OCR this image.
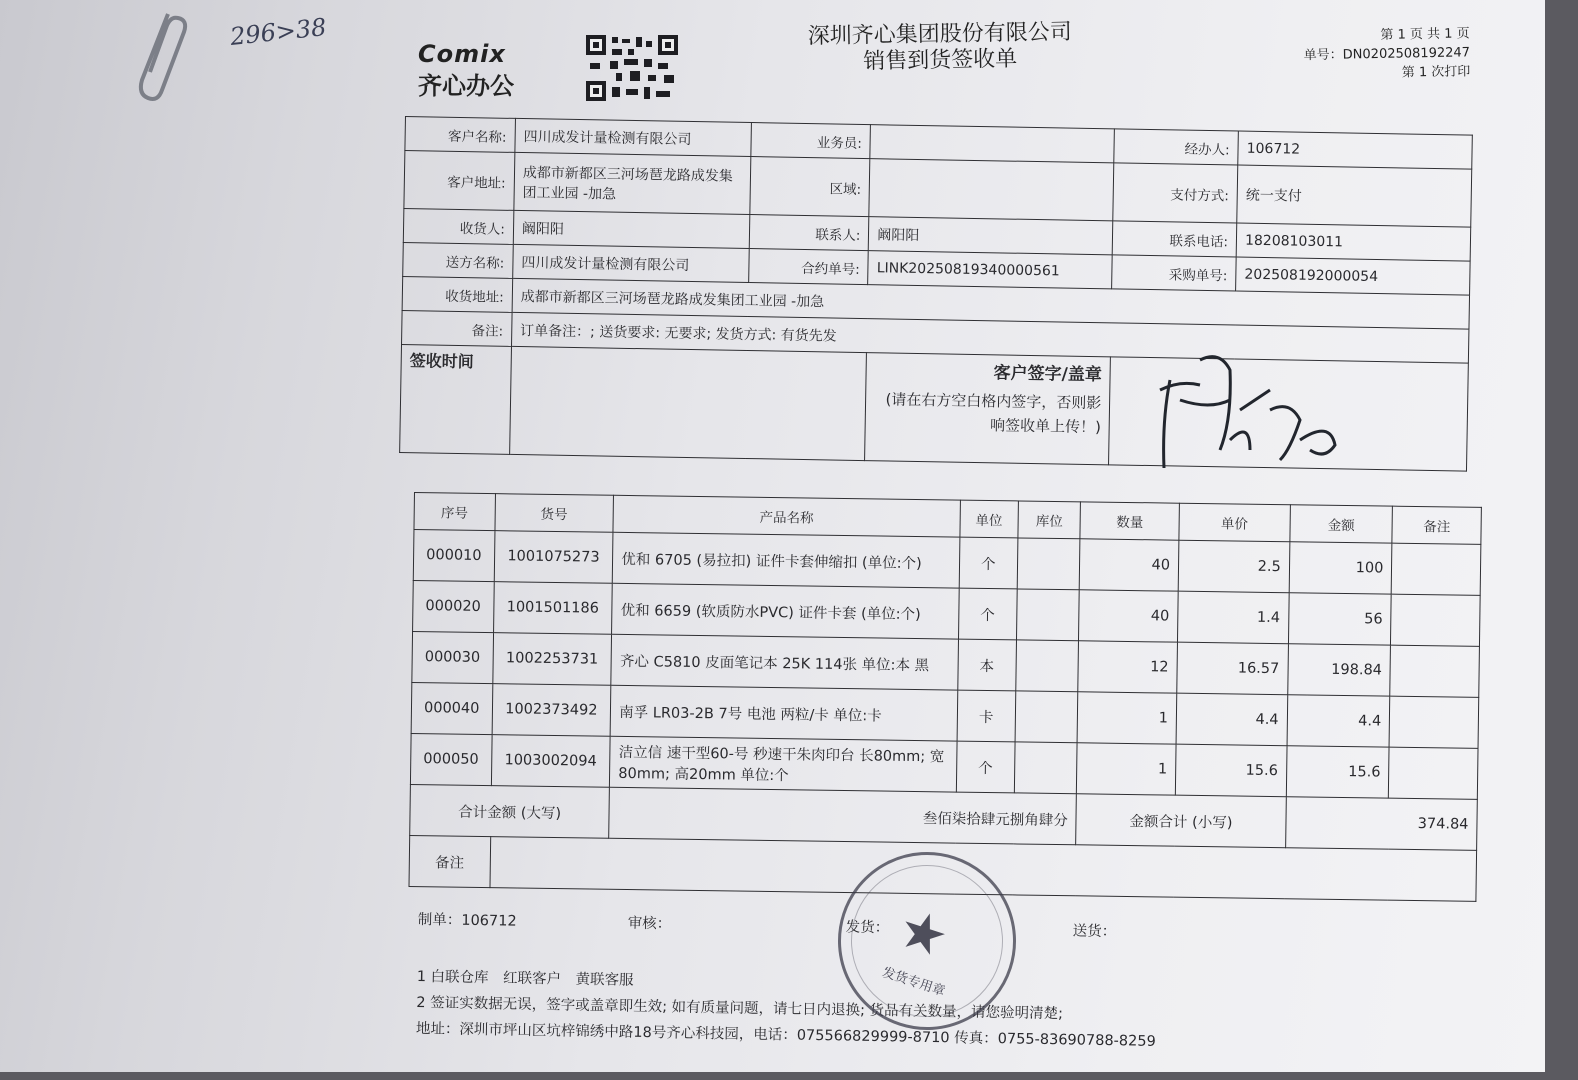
296>38
Comix
齐心办公
深圳齐心集团股份有限公司
销售到货签收单
第 1 页 共 1 页
单号：DN0202508192247
第 1 次打印
客户名称:	四川成发计量检测有限公司	业务员:		经办人:	106712
客户地址:	成都市新都区三河场琶龙路成发集团工业园 -加急	区域:		支付方式:	统一支付
收货人:	阚阳阳	联系人:	阚阳阳	联系电话:	18208103011
送方名称:	四川成发计量检测有限公司	合约单号:	LINK20250819340000561	采购单号:	202508192000054
收货地址:	成都市新都区三河场琶龙路成发集团工业园 -加急				
备注:	订单备注：; 送货要求: 无要求; 发货方式: 有货先发				
签收时间			客户签字/盖章
(请在右方空白格内签字，否则影响签收单上传！)		

序号	货号	产品名称	单位	库位	数量	单价	金额	备注
000010	1001075273	优和 6705 (易拉扣) 证件卡套伸缩扣 (单位:个)	个		40	2.5	100	
000020	1001501186	优和 6659 (软质防水PVC) 证件卡套 (单位:个)	个		40	1.4	56	
000030	1002253731	齐心 C5810 皮面笔记本 25K 114张 单位:本 黑	本		12	16.57	198.84	
000040	1002373492	南孚 LR03-2B 7号 电池 两粒/卡 单位:卡	卡		1	4.4	4.4	
000050	1003002094	洁立信 速干型60-号 秒速干朱肉印台 长80mm; 宽80mm; 高20mm 单位:个	个		1	15.6	15.6	
合计金额 (大写)		叁佰柒拾肆元捌角肆分			金额合计 (小写)		374.84	
备注								
制单：106712	审核：	发货：	送货：
1 白联仓库　红联客户　黄联客服
2 签证实数据无误，签字或盖章即生效; 如有质量问题，请七日内退换; 货品有关数量，请您验明清楚;
地址：深圳市坪山区坑梓锦绣中路18号齐心科技园，电话：075566829999-8710 传真：0755-83690788-8259
★
发货专用章
